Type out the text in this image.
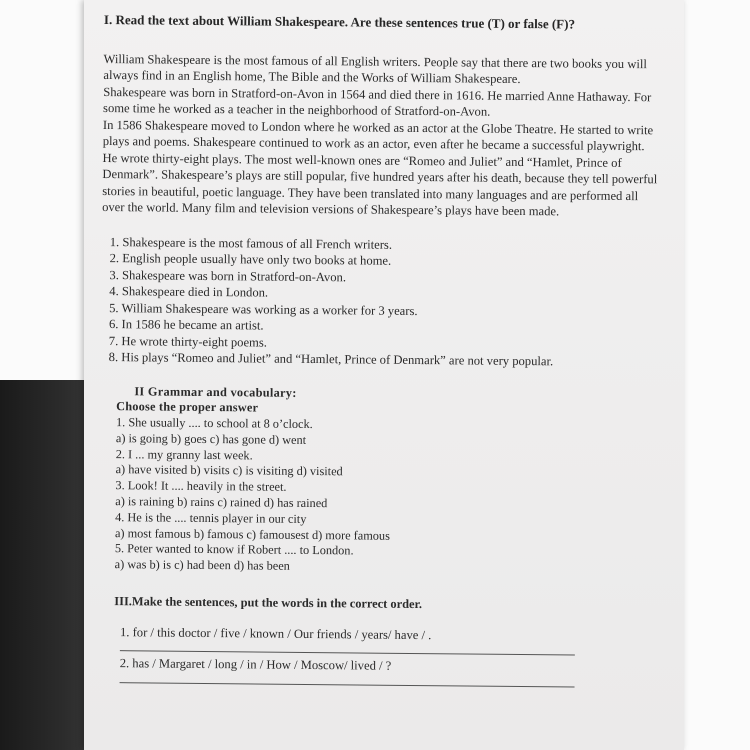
I. Read the text about William Shakespeare. Are these sentences true (T) or false (F)?

William Shakespeare is the most famous of all English writers. People say that there are two books you will always find in an English home, The Bible and the Works of William Shakespeare.

Shakespeare was born in Stratford-on-Avon in 1564 and died there in 1616. He married Anne Hathaway. For some time he worked as a teacher in the neighborhood of Stratford-on-Avon.

In 1586 Shakespeare moved to London where he worked as an actor at the Globe Theatre. He started to write plays and poems. Shakespeare continued to work as an actor, even after he became a successful playwright. He wrote thirty-eight plays. The most well-known ones are “Romeo and Juliet” and “Hamlet, Prince of Denmark”. Shakespeare’s plays are still popular, five hundred years after his death, because they tell powerful stories in beautiful, poetic language. They have been translated into many languages and are performed all over the world. Many film and television versions of Shakespeare’s plays have been made.

1. Shakespeare is the most famous of all French writers.
2. English people usually have only two books at home.
3. Shakespeare was born in Stratford-on-Avon.
4. Shakespeare died in London.
5. William Shakespeare was working as a worker for 3 years.
6. In 1586 he became an artist.
7. He wrote thirty-eight poems.
8. His plays “Romeo and Juliet” and “Hamlet, Prince of Denmark” are not very popular.
II Grammar and vocabulary:
Choose the proper answer
1. She usually .... to school at 8 o’clock.
a) is going b) goes c) has gone d) went
2. I ... my granny last week.
a) have visited b) visits c) is visiting d) visited
3. Look! It .... heavily in the street.
a) is raining b) rains c) rained d) has rained
4. He is the .... tennis player in our city
a) most famous b) famous c) famousest d) more famous
5. Peter wanted to know if Robert .... to London.
a) was b) is c) had been d) has been
III.Make the sentences, put the words in the correct order.
1. for / this doctor / five / known / Our friends / years/ have / .
2. has / Margaret / long / in / How / Moscow/ lived / ?
